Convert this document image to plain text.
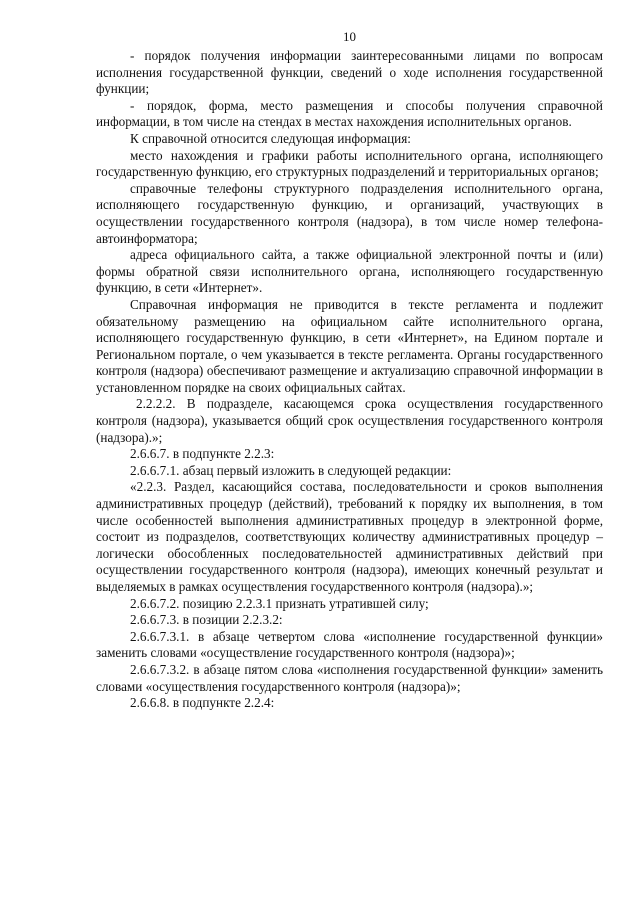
10

- порядок получения информации заинтересованными лицами по вопросам исполнения государственной функции, сведений о ходе исполнения государственной функции;

- порядок, форма, место размещения и способы получения справочной информации, в том числе на стендах в местах нахождения исполнительных органов.

К справочной относится следующая информация:

место нахождения и графики работы исполнительного органа, исполняющего государственную функцию, его структурных подразделений и территориальных органов;

справочные телефоны структурного подразделения исполнительного органа, исполняющего государственную функцию, и организаций, участвующих в осуществлении государственного контроля (надзора), в том числе номер телефона-автоинформатора;

адреса официального сайта, а также официальной электронной почты и (или) формы обратной связи исполнительного органа, исполняющего государственную функцию, в сети «Интернет».

Справочная информация не приводится в тексте регламента и подлежит обязательному размещению на официальном сайте исполнительного органа, исполняющего государственную функцию, в сети «Интернет», на Едином портале и Региональном портале, о чем указывается в тексте регламента. Органы государственного контроля (надзора) обеспечивают размещение и актуализацию справочной информации в установленном порядке на своих официальных сайтах.

2.2.2.2. В подразделе, касающемся срока осуществления государственного контроля (надзора), указывается общий срок осуществления государственного контроля (надзора).»;

2.6.6.7. в подпункте 2.2.3:

2.6.6.7.1. абзац первый изложить в следующей редакции:

«2.2.3. Раздел, касающийся состава, последовательности и сроков выполнения административных процедур (действий), требований к порядку их выполнения, в том числе особенностей выполнения административных процедур в электронной форме, состоит из подразделов, соответствующих количеству административных процедур – логически обособленных последовательностей административных действий при осуществлении государственного контроля (надзора), имеющих конечный результат и выделяемых в рамках осуществления государственного контроля (надзора).»;

2.6.6.7.2. позицию 2.2.3.1 признать утратившей силу;

2.6.6.7.3. в позиции 2.2.3.2:

2.6.6.7.3.1. в абзаце четвертом слова «исполнение государственной функции» заменить словами «осуществление государственного контроля (надзора)»;

2.6.6.7.3.2. в абзаце пятом слова «исполнения государственной функции» заменить словами «осуществления государственного контроля (надзора)»;

2.6.6.8. в подпункте 2.2.4:
